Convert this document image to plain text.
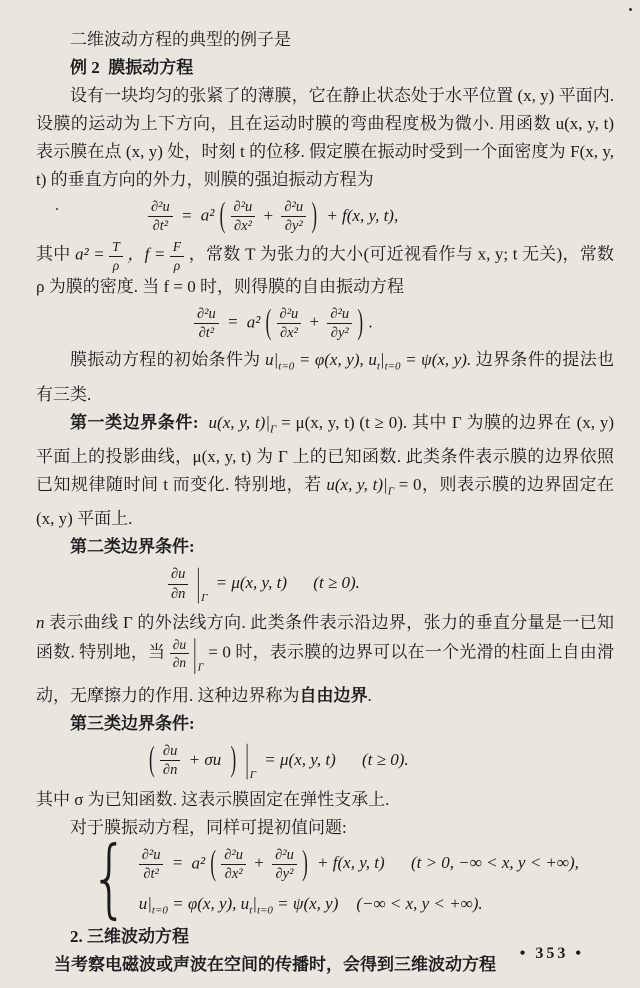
二维波动方程的典型的例子是

例 2 膜振动方程

设有一块均匀的张紧了的薄膜，它在静止状态处于水平位置 (x, y) 平面内. 设膜的运动为上下方向，且在运动时膜的弯曲程度极为微小. 用函数 u(x, y, t) 表示膜在点 (x, y) 处，时刻 t 的位移. 假定膜在振动时受到一个面密度为 F(x, y, t) 的垂直方向的外力，则膜的强迫振动方程为

$\frac{\text{∂²u}}{\text{∂t²}} = a^2$ ( $\frac{\text{∂²u}}{\text{∂x²}} + \frac{\text{∂²u}}{\text{∂y²}}$ ) + f(x, y, t),

其中 $a^2 = \frac{T}{\rho}$ ，$f = \frac{F}{\rho}$ ，常数 T 为张力的大小(可近视看作与 x, y; t 无关)，常数 ρ 为膜的密度. 当 f = 0 时，则得膜的自由振动方程

$\frac{\text{∂²u}}{\text{∂t²}} = a^2$ ( $\frac{\text{∂²u}}{\text{∂x²}} + \frac{\text{∂²u}}{\text{∂y²}}$ ) .

膜振动方程的初始条件为 $u|_{t=0} = \varphi(x$, y), $u_t|_{t=0} = \psi(x$, y). 边界条件的提法也有三类.

第一类边界条件: u(x, y, $t)|_\Gamma = \mu(x$, y, t) (t ≥ 0). 其中 Γ 为膜的边界在 (x, y) 平面上的投影曲线，μ(x, y, t) 为 Γ 上的已知函数. 此类条件表示膜的边界依照已知规律随时间 t 而变化. 特别地，若 u(x, y, $t)|_\Gamma = 0$，则表示膜的边界固定在 (x, y) 平面上.

第二类边界条件:

$\frac{\partial u}{\partial n} |_\Gamma = \mu(x$, y, t) (t ≥ 0).

n 表示曲线 Γ 的外法线方向. 此类条件表示沿边界，张力的垂直分量是一已知函数. 特别地，当 $\frac{\partial u}{\partial n} |_\Gamma = 0$ 时，表示膜的边界可以在一个光滑的柱面上自由滑动，无摩擦力的作用. 这种边界称为自由边界.

第三类边界条件:

( $\frac{\partial u}{\partial n} + \sigma u$ ) $|_\Gamma = \mu(x$, y, t) (t ≥ 0).

其中 σ 为已知函数. 这表示膜固定在弹性支承上.

对于膜振动方程，同样可提初值问题:

{ $\frac{\text{∂²u}}{\text{∂t²}} = a^2$ ( $\frac{\text{∂²u}}{\text{∂x²}} + \frac{\text{∂²u}}{\text{∂y²}}$ ) + f(x, y, t) (t > 0, −∞ < x, y < +∞),
$u|_{t=0} = \varphi(x$, y), $u_t|_{t=0} = \psi(x$, y) (−∞ < x, y < +∞).

2. 三维波动方程

当考察电磁波或声波在空间的传播时，会得到三维波动方程

• 353 •
